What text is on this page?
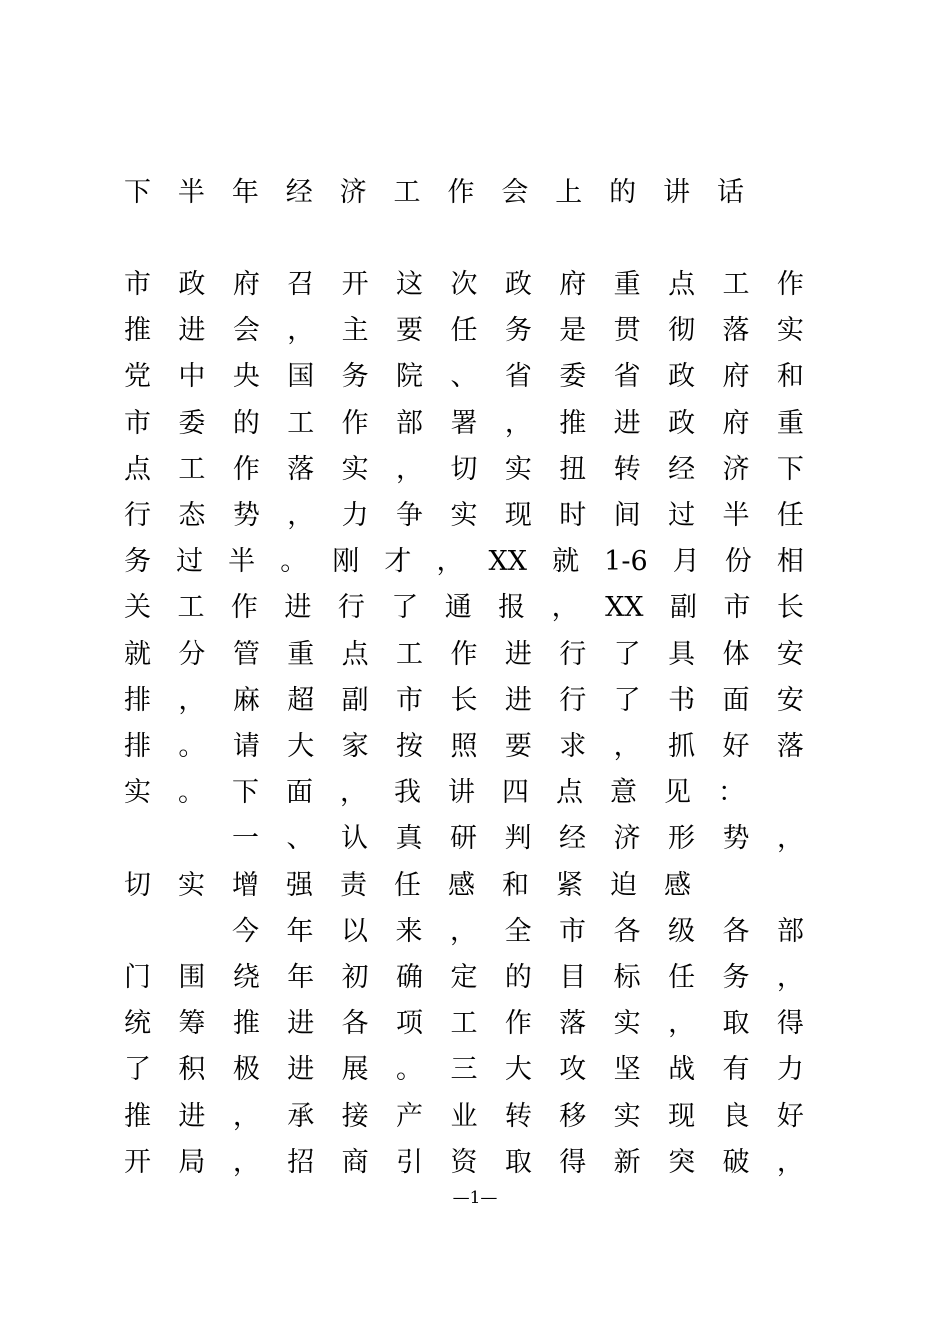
下 半 年 经 济 工 作 会 上 的 讲 话
市 政 府 召 开 这 次 政 府 重 点 工 作
推 进 会 ， 主 要 任 务 是 贯 彻 落 实
党 中 央 国 务 院 、 省 委 省 政 府 和
市 委 的 工 作 部 署 ， 推 进 政 府 重
点 工 作 落 实 ， 切 实 扭 转 经 济 下
行 态 势 ， 力 争 实 现 时 间 过 半 任
务 过 半 。 刚 才 ， XX 就 1-6 月 份 相
关 工 作 进 行 了 通 报 ， XX 副 市 长
就 分 管 重 点 工 作 进 行 了 具 体 安
排 ， 麻 超 副 市 长 进 行 了 书 面 安
排 。 请 大 家 按 照 要 求 ， 抓 好 落
实 。 下 面 ， 我 讲 四 点 意 见 ：
一 、 认 真 研 判 经 济 形 势 ，
切 实 增 强 责 任 感 和 紧 迫 感
今 年 以 来 ， 全 市 各 级 各 部
门 围 绕 年 初 确 定 的 目 标 任 务 ，
统 筹 推 进 各 项 工 作 落 实 ， 取 得
了 积 极 进 展 。 三 大 攻 坚 战 有 力
推 进 ， 承 接 产 业 转 移 实 现 良 好
开 局 ， 招 商 引 资 取 得 新 突 破 ，
—1—
